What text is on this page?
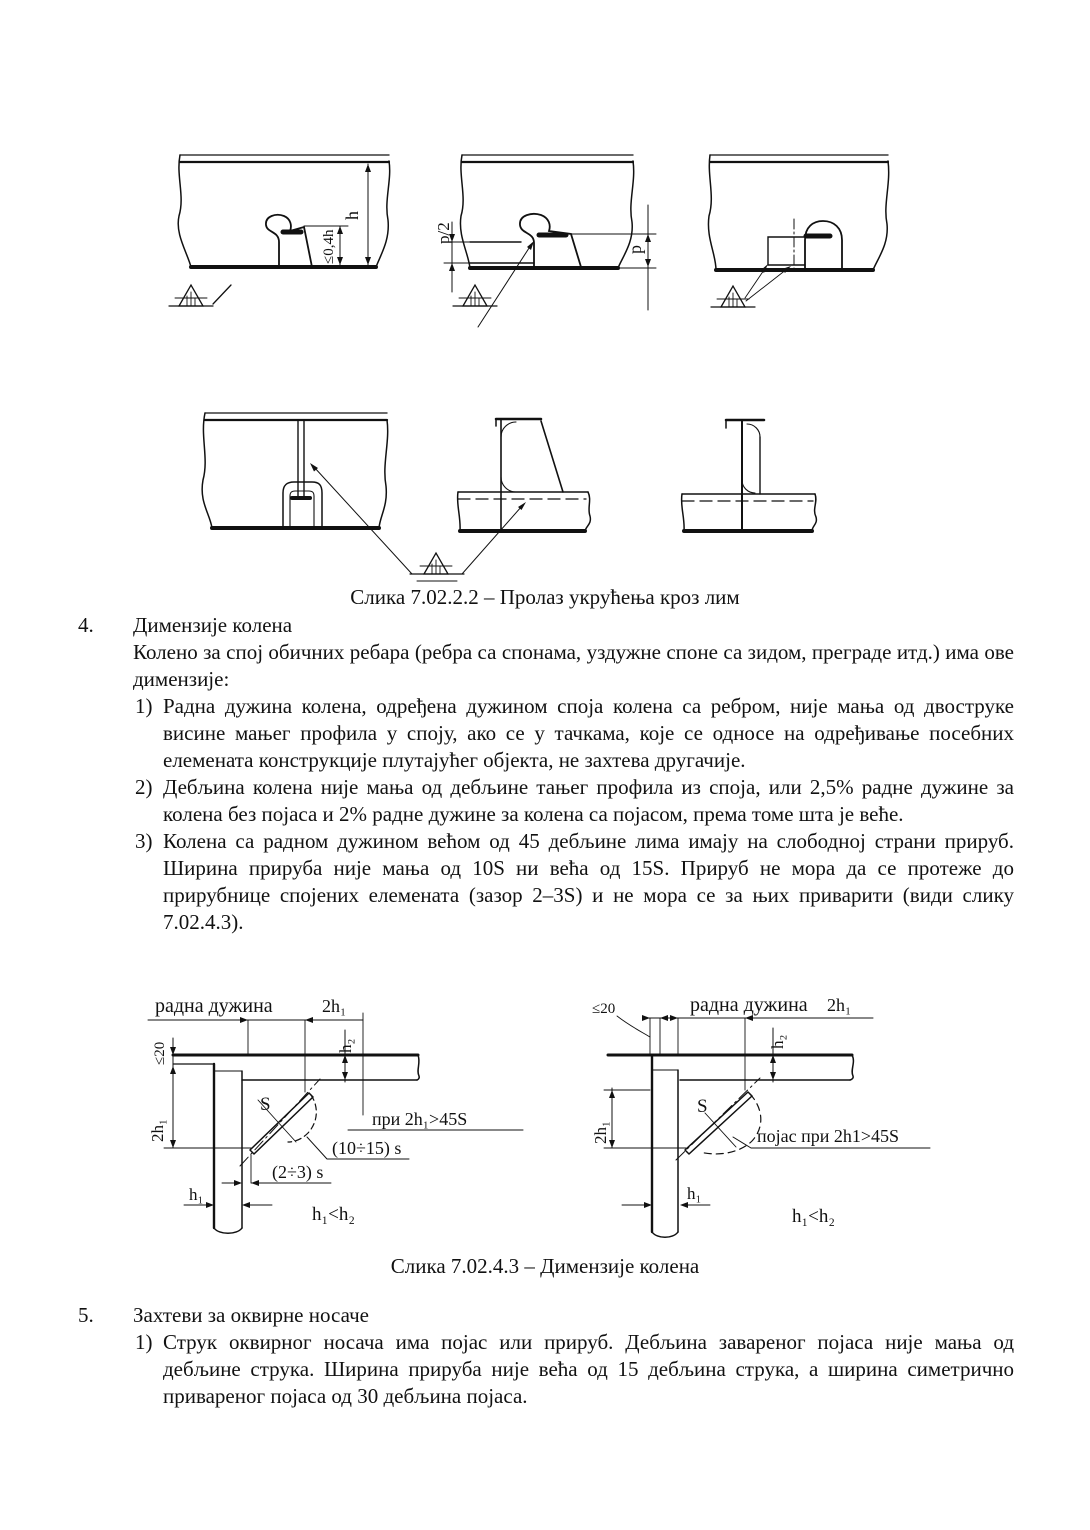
≤0,4h
h
p/2
p
Слика 7.02.2.2 – Пролаз укрућења кроз лим
4.	Димензије колена

Колено за спој обичних ребара (ребра са спонама, уздужне споне са зидом, преграде итд.) има ове димензије:

1) Радна дужина колена, одређена дужином споја колена са ребром, није мања од двоструке висине мањег профила у споју, ако се у тачкама, које се односе на одређивање посебних елемената конструкције плутајућег објекта, не захтева другачије.

2) Дебљина колена није мања од дебљине тањег профила из споја, или 2,5% радне дужине за колена без појаса и 2% радне дужине за колена са појасом, према томе шта је веће.

3) Колена са радном дужином већом од 45 дебљине лима имају на слободној страни прируб. Ширина прируба није мања од 10S ни већа од 15S. Прируб не мора да се протеже до прирубнице спојених елемената (зазор 2–3S) и не мора се за њих приварити (види слику 7.02.4.3).

радна дужина	2h₁
≤20	h₂
2h₁
S
при 2h₁>45S
(10÷15) s
(2÷3) s
h₁
h₁<h₂
≤20	радна дужина 2h₁
h₂
2h₁
S
појас при 2h1>45S
h₁
h₁<h₂
Слика 7.02.4.3 – Димензије колена
5.	Захтеви за оквирне носаче

1) Струк оквирног носача има појас или прируб. Дебљина завареног појаса није мања од дебљине струка. Ширина прируба није већа од 15 дебљина струка, а ширина симетрично привареног појаса од 30 дебљина појаса.
